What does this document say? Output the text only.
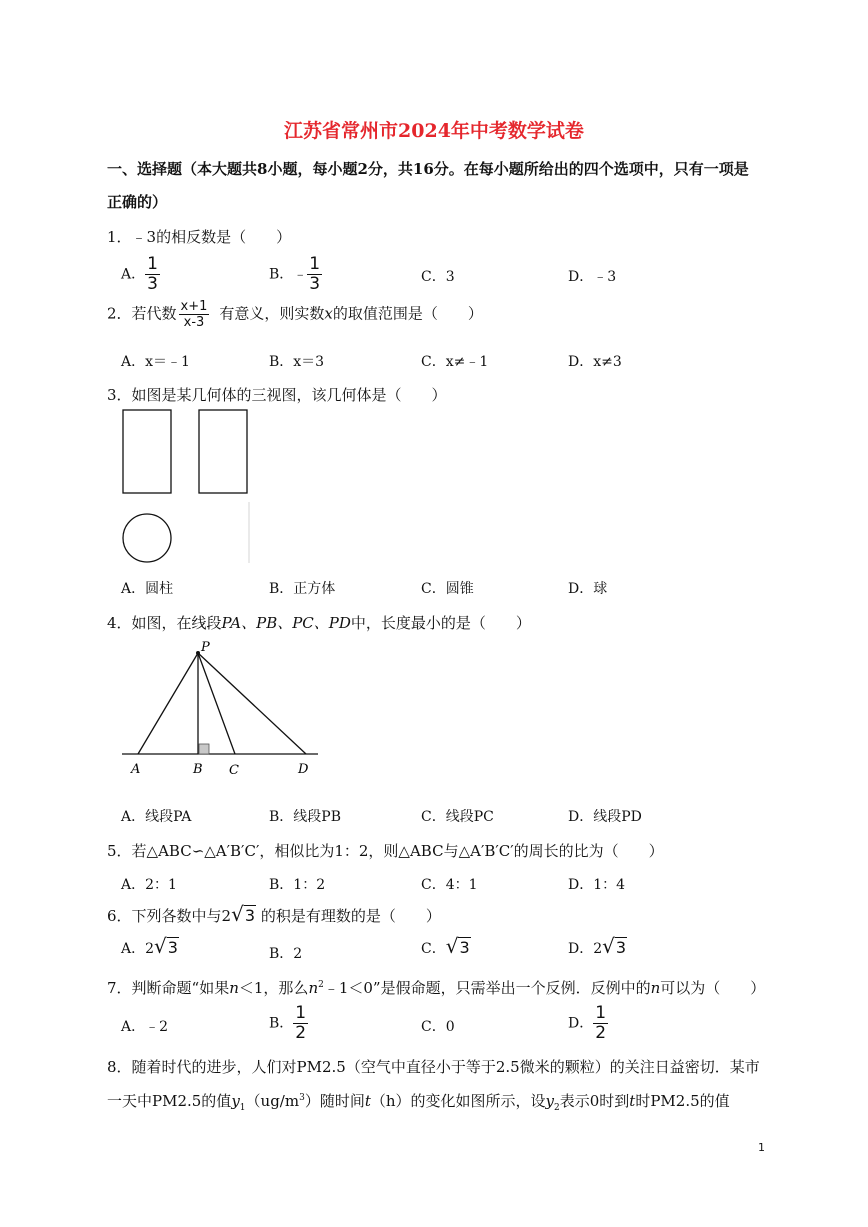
江苏省常州市2024年中考数学试卷
一、选择题（本大题共8小题，每小题2分，共16分。在每小题所给出的四个选项中，只有一项是
正确的）
1．﹣3的相反数是（　　）
A． $\frac{1}{3}$	B．﹣ $\frac{1}{3}$	C．3	D．﹣3
2．若代数 $\frac{x+1}{x-3}$ 有意义，则实数x的取值范围是（　　）
A．x＝﹣1	B．x＝3	C．x≠﹣1	D．x≠3
3．如图是某几何体的三视图，该几何体是（　　）
A．圆柱	B．正方体	C．圆锥	D．球
4．如图，在线段PA、PB、PC、PD中，长度最小的是（　　）
P
A	B C	D
A．线段PA	B．线段PB	C．线段PC	D．线段PD
5．若△ABC∽△A′B′C′，相似比为1：2，则△ABC与△A′B′C′的周长的比为（　　）
A．2：1	B．1：2	C．4：1	D．1：4
6．下列各数中与2√3 的积是有理数的是（　　）
A．2√3	B．2	C．√3	D．2√3
7．判断命题“如果n＜1，那么$n^2﹣1<0$”是假命题，只需举出一个反例．反例中的n可以为（　　）
A．﹣2	B． $\frac{1}{2}$	C．0	D． $\frac{1}{2}$
8．随着时代的进步，人们对PM2.5（空气中直径小于等于2.5微米的颗粒）的关注日益密切．某市
一天中PM2.5的值$y_1(ug/m^3)$随时间t（h）的变化如图所示，设$y_2$表示0时到t时PM2.5的值
1
